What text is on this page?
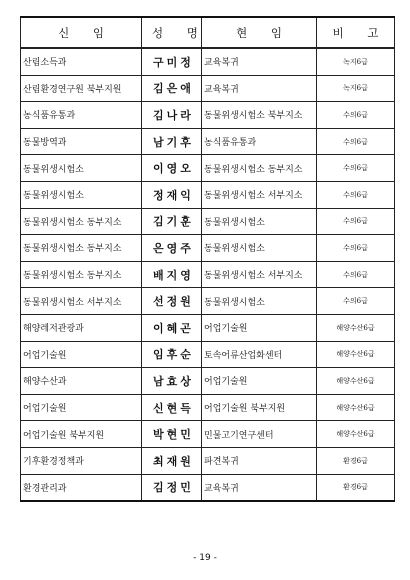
신 임	성 명	현 임	비 고
산림소득과	구미정	교육복귀	녹지6급
산림환경연구원 북부지원	김은애	교육복귀	녹지6급
농식품유통과	김나라	동물위생시험소 북부지소	수의6급
동물방역과	남기후	농식품유통과	수의6급
동물위생시험소	이영오	동물위생시험소 동부지소	수의6급
동물위생시험소	정재익	동물위생시험소 서부지소	수의6급
동물위생시험소 동부지소	김기훈	동물위생시험소	수의6급
동물위생시험소 동부지소	은영주	동물위생시험소	수의6급
동물위생시험소 동부지소	배지영	동물위생시험소 서부지소	수의6급
동물위생시험소 서부지소	선정원	동물위생시험소	수의6급
해양레저관광과	이혜곤	어업기술원	해양수산6급
어업기술원	임후순	토속어류산업화센터	해양수산6급
해양수산과	남효상	어업기술원	해양수산6급
어업기술원	신현득	어업기술원 북부지원	해양수산6급
어업기술원 북부지원	박현민	민물고기연구센터	해양수산6급
기후환경정책과	최재원	파견복귀	환경6급
환경관리과	김정민	교육복귀	환경6급
- 19 -
